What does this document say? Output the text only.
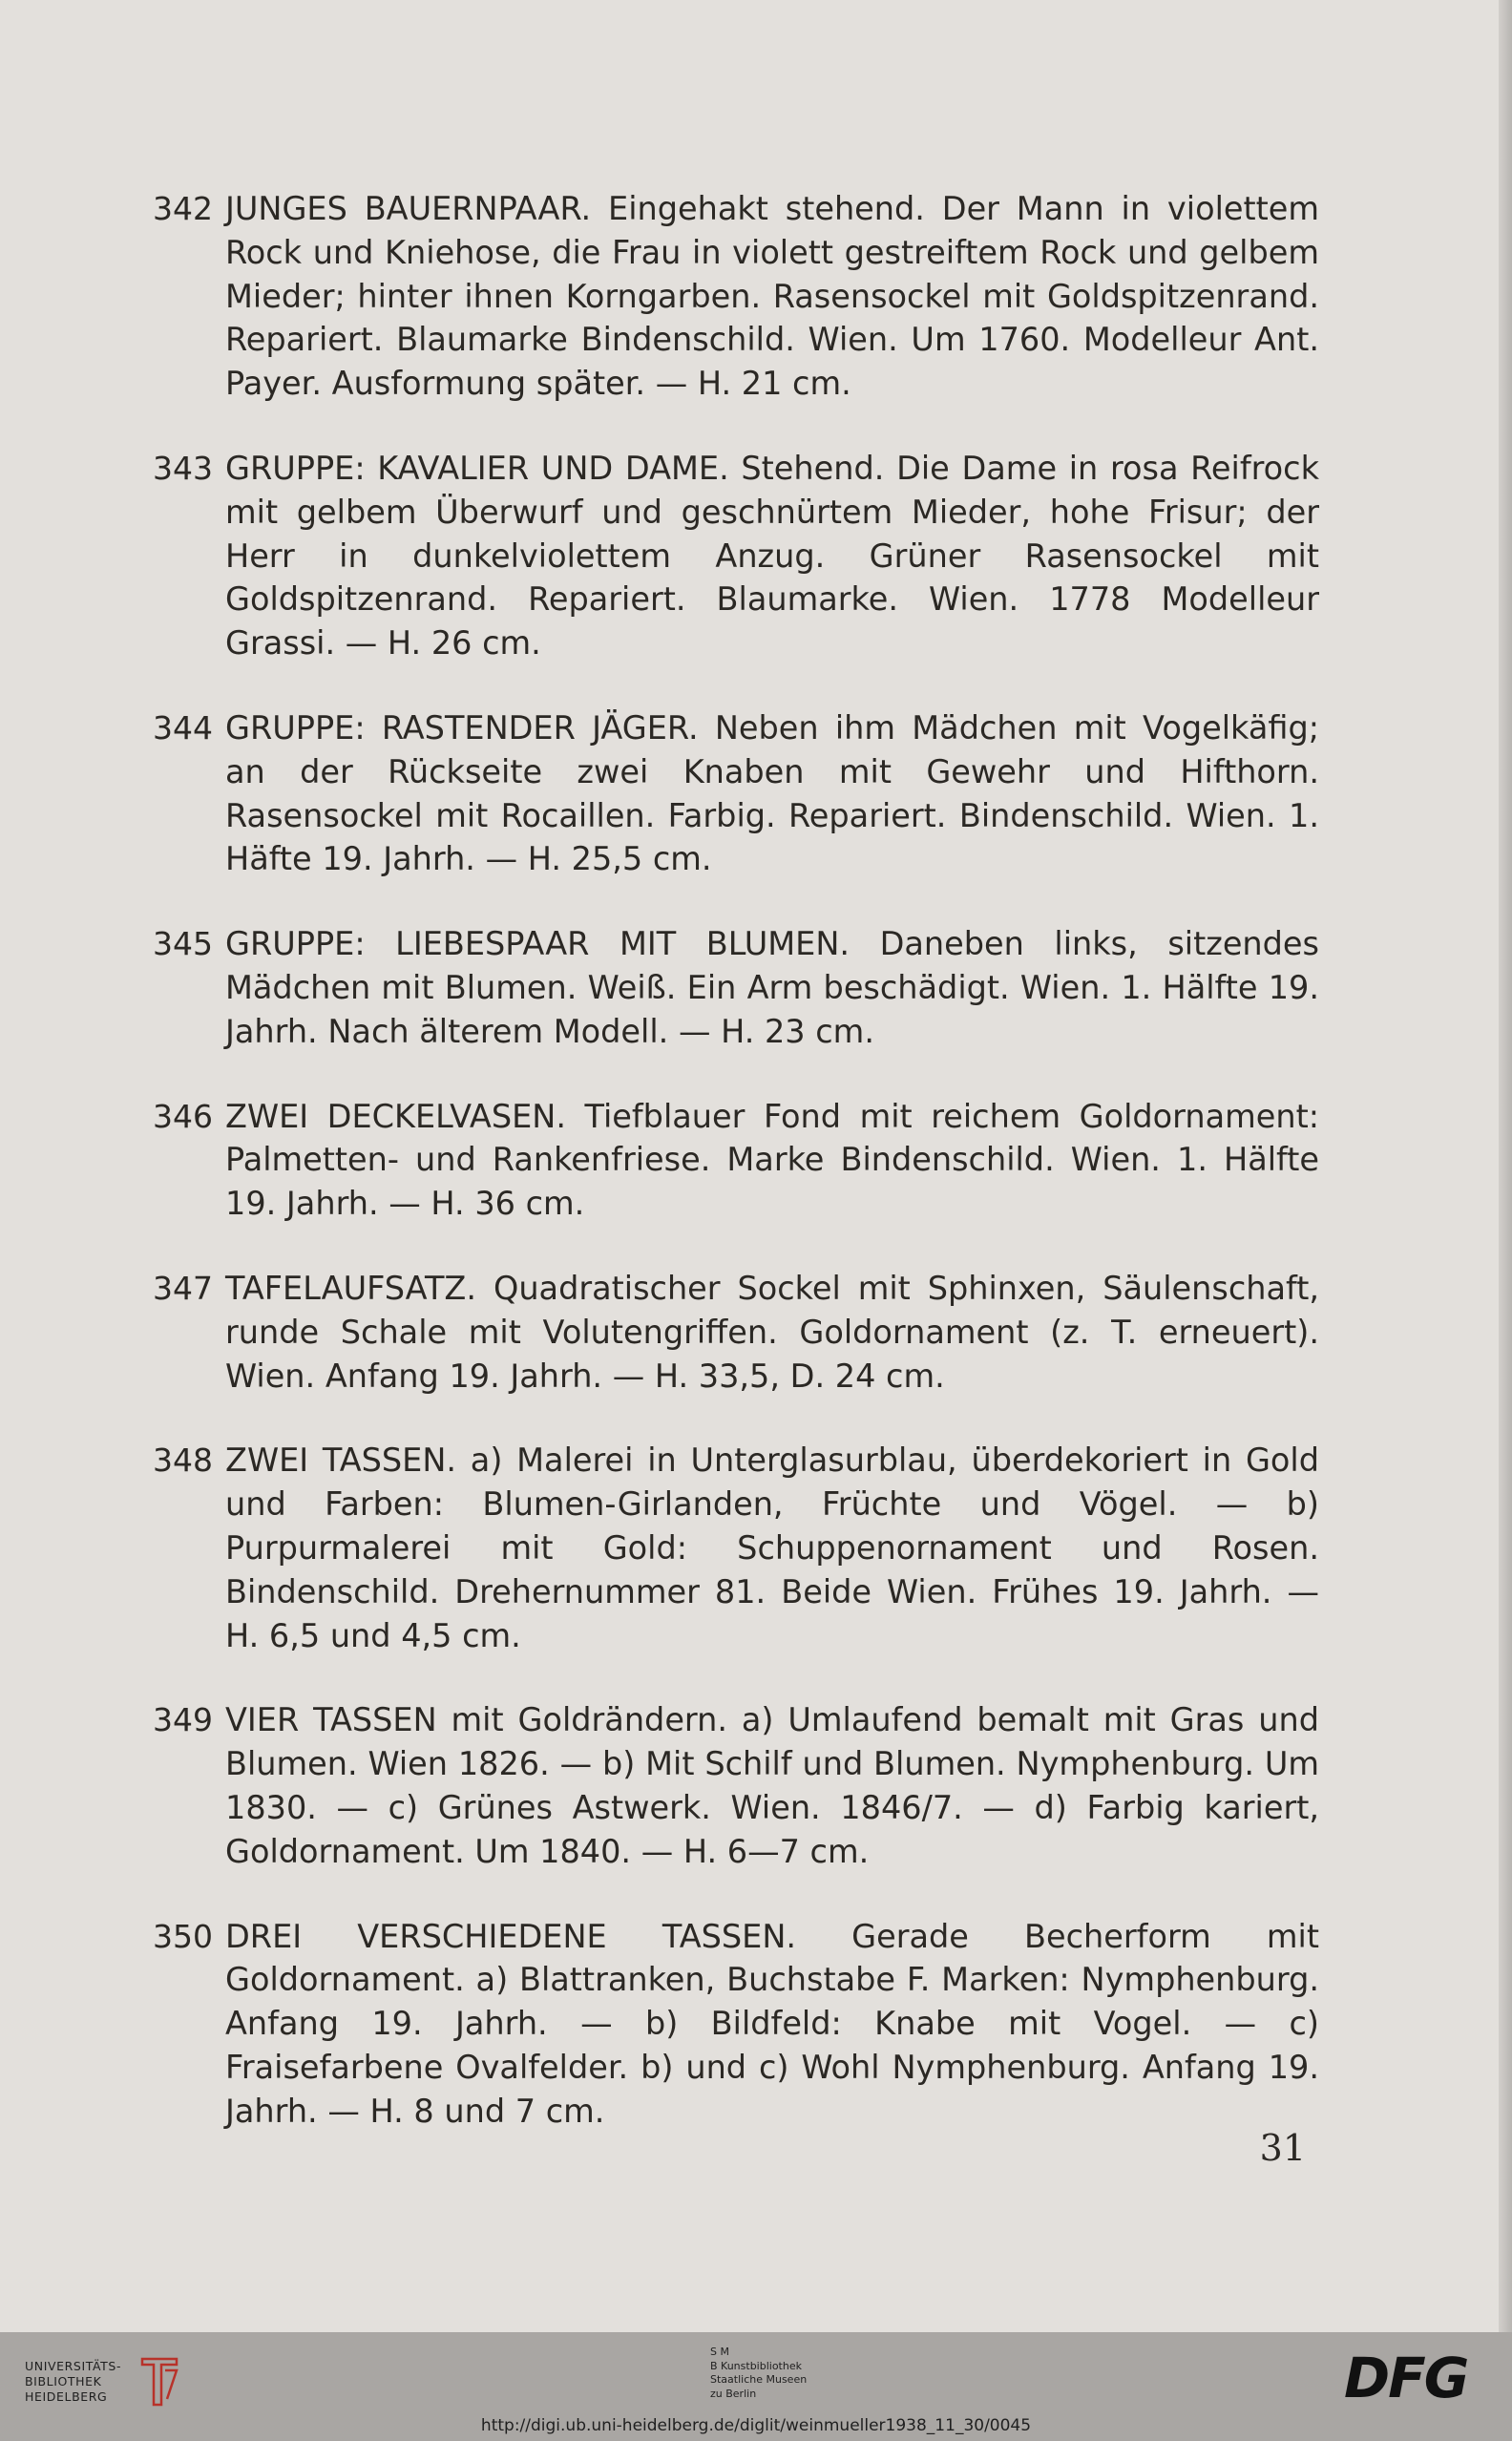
342 JUNGES BAUERNPAAR. Eingehakt stehend. Der Mann in violettem Rock und Kniehose, die Frau in violett gestreiftem Rock und gelbem Mieder; hinter ihnen Korngarben. Rasensockel mit Goldspitzenrand. Repariert. Blaumarke Bindenschild. Wien. Um 1760. Modelleur Ant. Payer. Ausformung später. — H. 21 cm.
343 GRUPPE: KAVALIER UND DAME. Stehend. Die Dame in rosa Reifrock mit gelbem Überwurf und geschnürtem Mieder, hohe Frisur; der Herr in dunkelviolettem Anzug. Grüner Rasensockel mit Goldspitzenrand. Repariert. Blaumarke. Wien. 1778 Modelleur Grassi. — H. 26 cm.
344 GRUPPE: RASTENDER JÄGER. Neben ihm Mädchen mit Vogelkäfig; an der Rückseite zwei Knaben mit Gewehr und Hifthorn. Rasensockel mit Rocaillen. Farbig. Repariert. Bindenschild. Wien. 1. Häfte 19. Jahrh. — H. 25,5 cm.
345 GRUPPE: LIEBESPAAR MIT BLUMEN. Daneben links, sitzendes Mädchen mit Blumen. Weiß. Ein Arm beschädigt. Wien. 1. Hälfte 19. Jahrh. Nach älterem Modell. — H. 23 cm.
346 ZWEI DECKELVASEN. Tiefblauer Fond mit reichem Goldornament: Palmetten- und Rankenfriese. Marke Bindenschild. Wien. 1. Hälfte 19. Jahrh. — H. 36 cm.
347 TAFELAUFSATZ. Quadratischer Sockel mit Sphinxen, Säulenschaft, runde Schale mit Volutengriffen. Goldornament (z. T. erneuert). Wien. Anfang 19. Jahrh. — H. 33,5, D. 24 cm.
348 ZWEI TASSEN. a) Malerei in Unterglasurblau, überdekoriert in Gold und Farben: Blumen-Girlanden, Früchte und Vögel. — b) Purpurmalerei mit Gold: Schuppenornament und Rosen. Bindenschild. Drehernummer 81. Beide Wien. Frühes 19. Jahrh. — H. 6,5 und 4,5 cm.
349 VIER TASSEN mit Goldrändern. a) Umlaufend bemalt mit Gras und Blumen. Wien 1826. — b) Mit Schilf und Blumen. Nymphenburg. Um 1830. — c) Grünes Astwerk. Wien. 1846/7. — d) Farbig kariert, Goldornament. Um 1840. — H. 6—7 cm.
350 DREI VERSCHIEDENE TASSEN. Gerade Becherform mit Goldornament. a) Blattranken, Buchstabe F. Marken: Nymphenburg. Anfang 19. Jahrh. — b) Bildfeld: Knabe mit Vogel. — c) Fraisefarbene Ovalfelder. b) und c) Wohl Nymphenburg. Anfang 19. Jahrh. — H. 8 und 7 cm.
31
UNIVERSITÄTS-
BIBLIOTHEK
HEIDELBERG
S M
B Kunstbibliothek
Staatliche Museen
zu Berlin	DFG
http://digi.ub.uni-heidelberg.de/diglit/weinmueller1938_11_30/0045
